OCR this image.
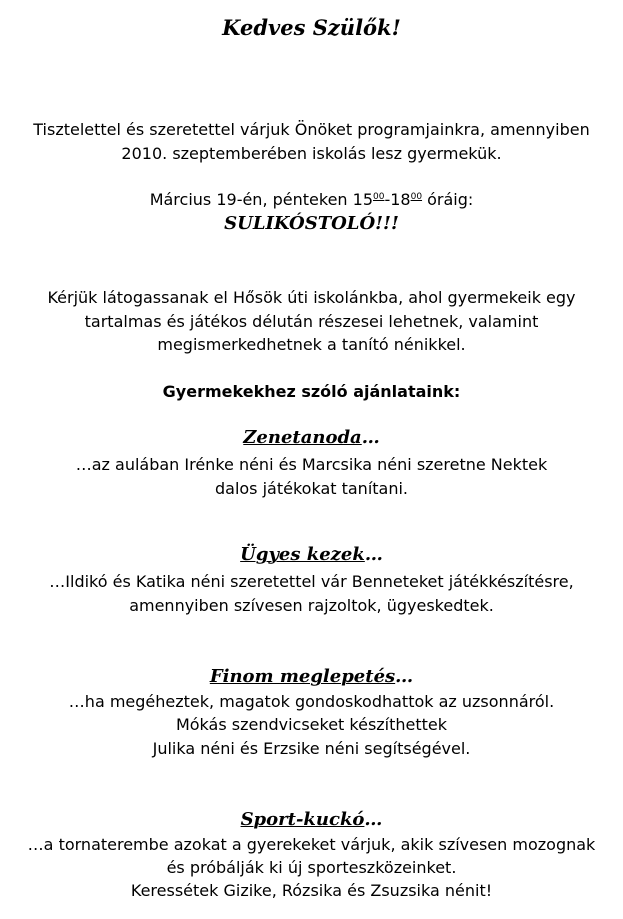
Kedves Szülők!
Tisztelettel és szeretettel várjuk Önöket programjainkra, amennyiben
2010. szeptemberében iskolás lesz gyermekük.
Március 19-én, pénteken $15^{00}-18^{00}$ óráig:
SULIKÓSTOLÓ!!!
Kérjük látogassanak el Hősök úti iskolánkba, ahol gyermekeik egy
tartalmas és játékos délután részesei lehetnek, valamint
megismerkedhetnek a tanító nénikkel.
Gyermekekhez szóló ajánlataink:
Zenetanoda…
…az aulában Irénke néni és Marcsika néni szeretne Nektek
dalos játékokat tanítani.
Ügyes kezek…
…Ildikó és Katika néni szeretettel vár Benneteket játékkészítésre,
amennyiben szívesen rajzoltok, ügyeskedtek.
Finom meglepetés…
…ha megéheztek, magatok gondoskodhattok az uzsonnáról.
Mókás szendvicseket készíthettek
Julika néni és Erzsike néni segítségével.
Sport-kuckó…
…a tornaterembe azokat a gyerekeket várjuk, akik szívesen mozognak
és próbálják ki új sporteszközeinket.
Keressétek Gizike, Rózsika és Zsuzsika nénit!
